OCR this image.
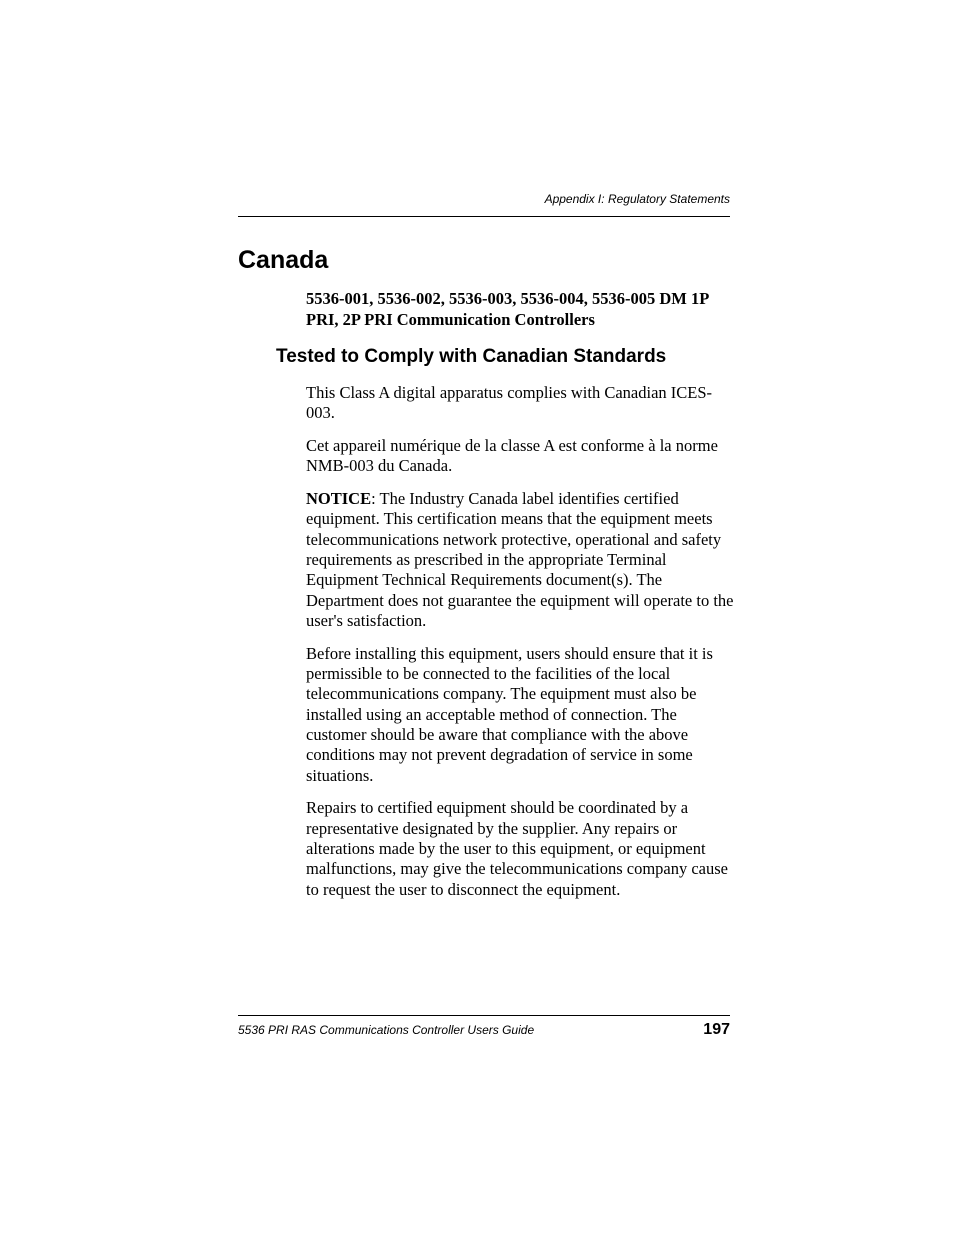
Appendix I: Regulatory Statements
Canada
5536-001, 5536-002, 5536-003, 5536-004, 5536-005 DM 1P PRI, 2P PRI Communication Controllers
Tested to Comply with Canadian Standards

This Class A digital apparatus complies with Canadian ICES-003.

Cet appareil numérique de la classe A est conforme à la norme NMB-003 du Canada.

NOTICE: The Industry Canada label identifies certified equipment. This certification means that the equipment meets telecommunications network protective, operational and safety requirements as prescribed in the appropriate Terminal Equipment Technical Requirements document(s). The Department does not guarantee the equipment will operate to the user's satisfaction.

Before installing this equipment, users should ensure that it is permissible to be connected to the facilities of the local telecommunications company. The equipment must also be installed using an acceptable method of connection. The customer should be aware that compliance with the above conditions may not prevent degradation of service in some situations.

Repairs to certified equipment should be coordinated by a representative designated by the supplier. Any repairs or alterations made by the user to this equipment, or equipment malfunctions, may give the telecommunications company cause to request the user to disconnect the equipment.

5536 PRI RAS Communications Controller Users Guide	197
